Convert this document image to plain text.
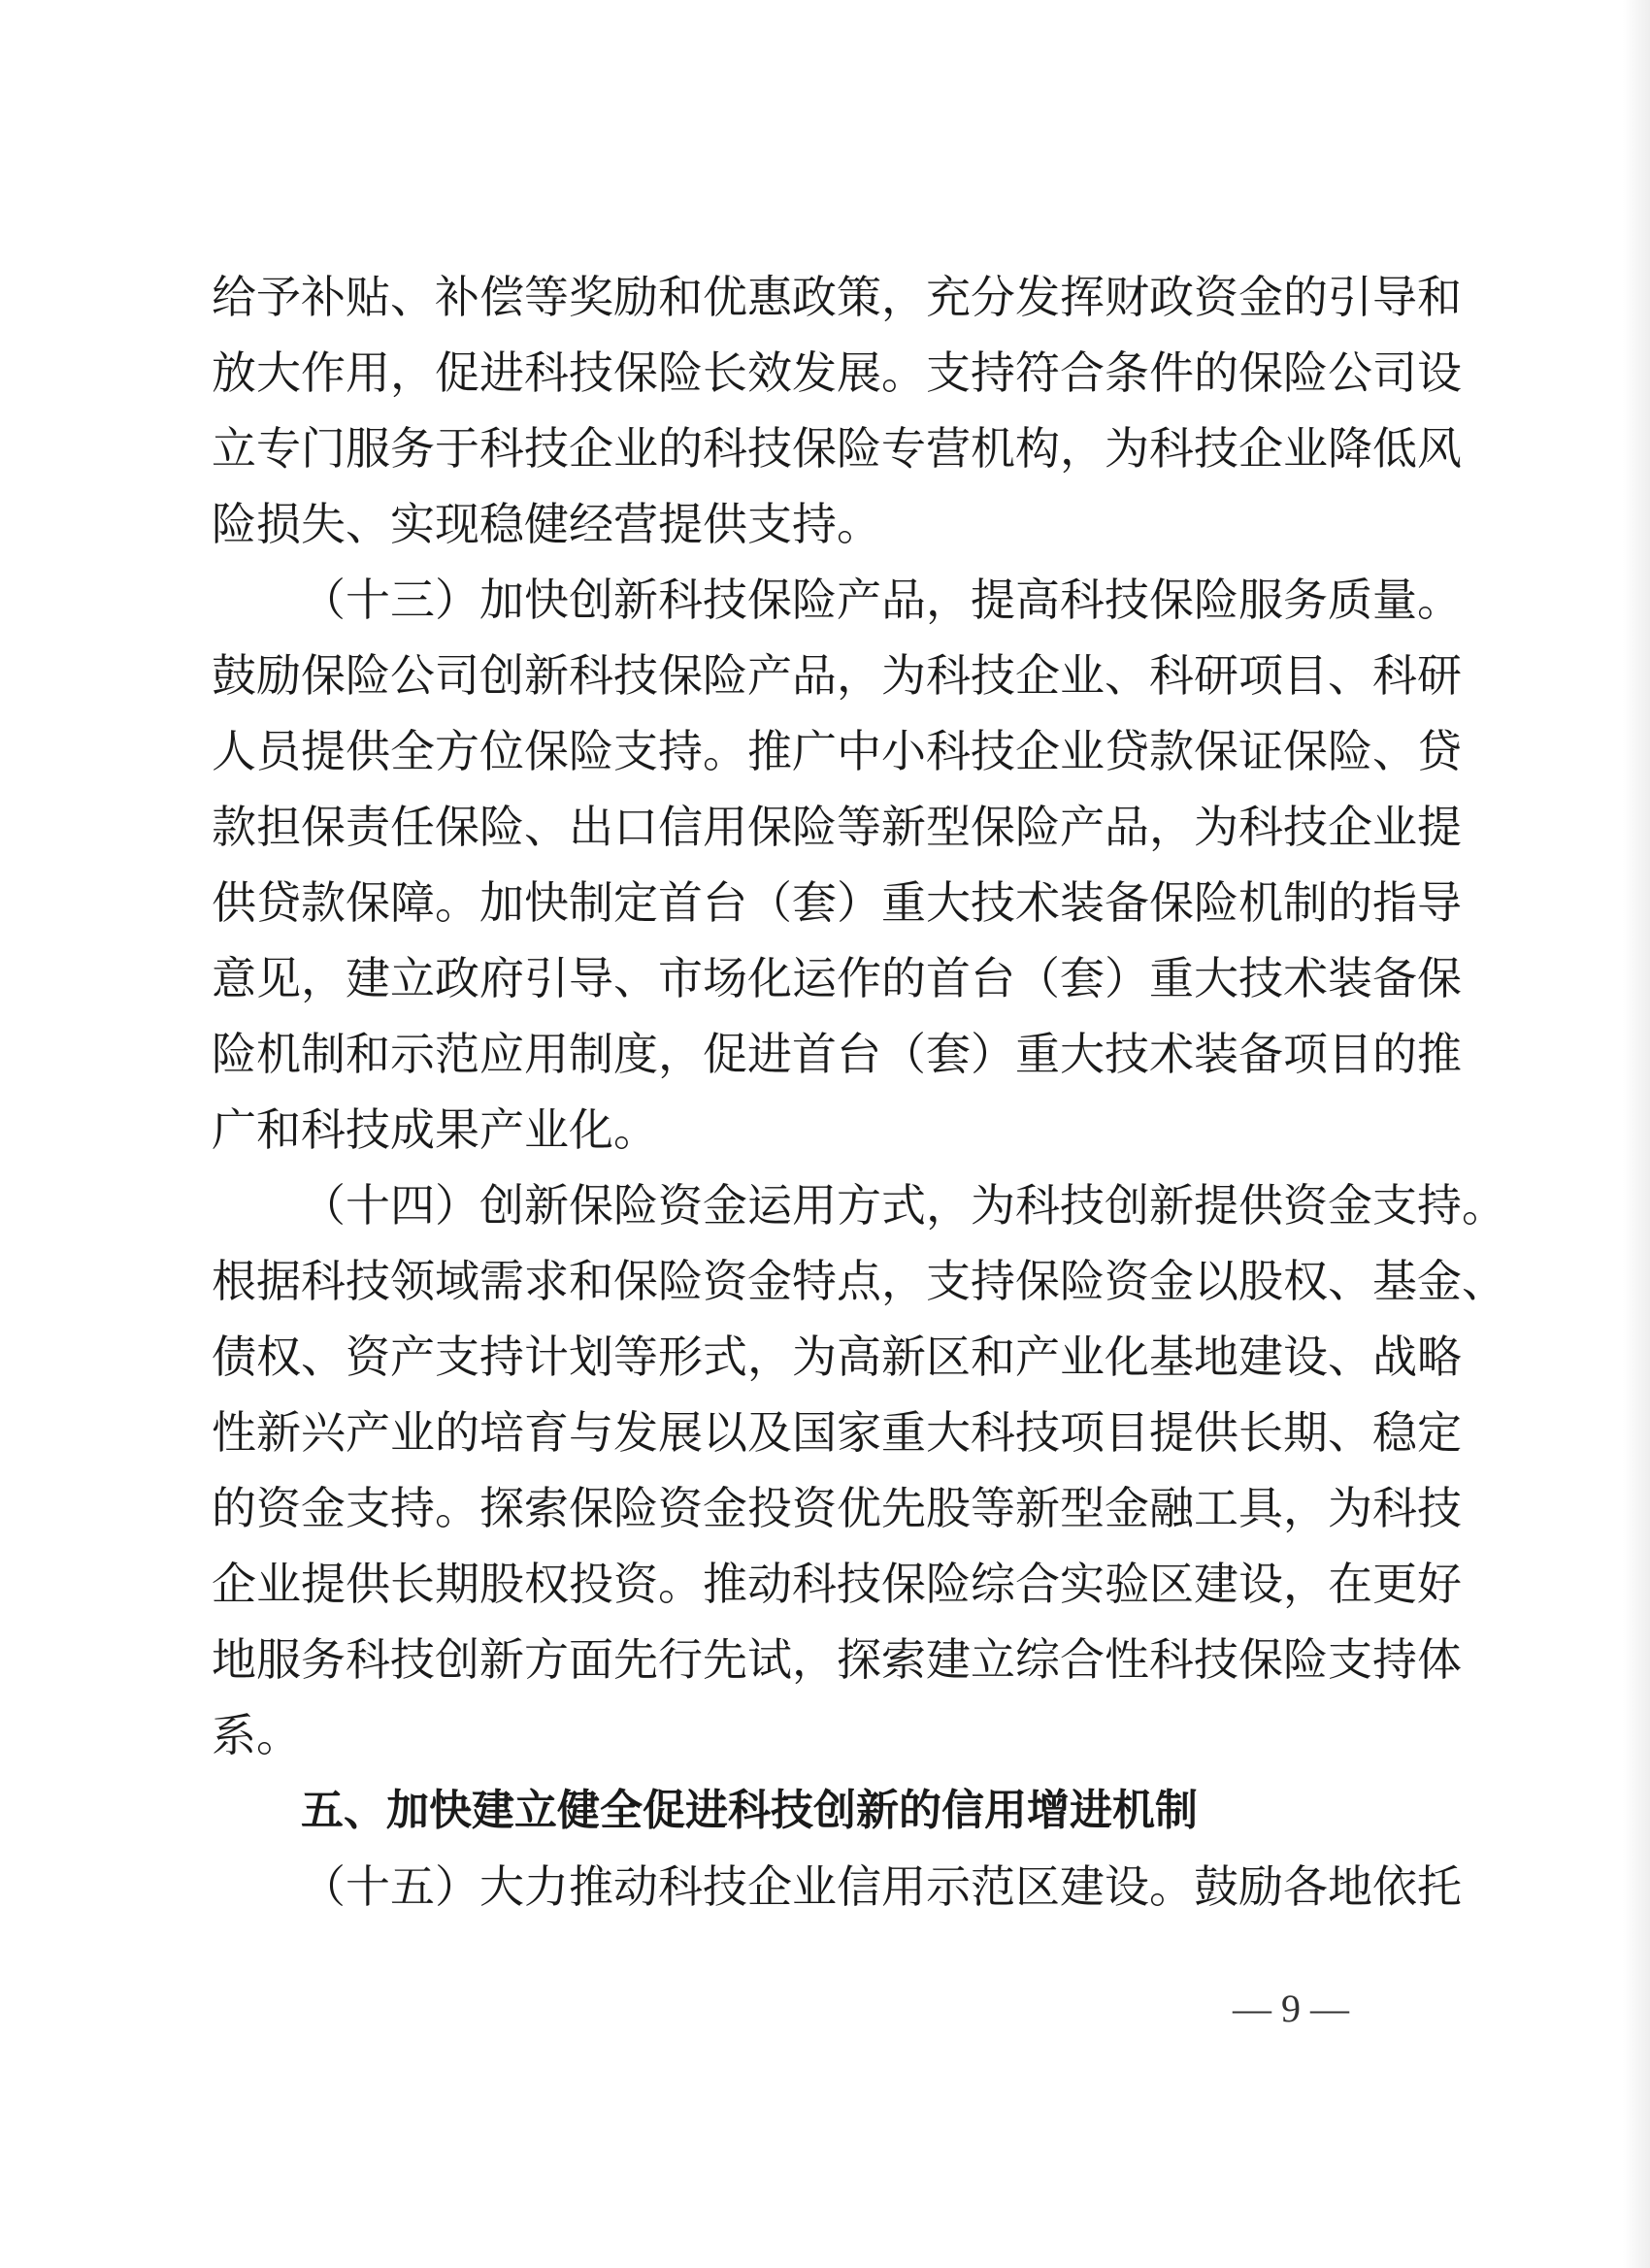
给予补贴、补偿等奖励和优惠政策，充分发挥财政资金的引导和
放大作用，促进科技保险长效发展。支持符合条件的保险公司设
立专门服务于科技企业的科技保险专营机构，为科技企业降低风
险损失、实现稳健经营提供支持。
（十三）加快创新科技保险产品，提高科技保险服务质量。
鼓励保险公司创新科技保险产品，为科技企业、科研项目、科研
人员提供全方位保险支持。推广中小科技企业贷款保证保险、贷
款担保责任保险、出口信用保险等新型保险产品，为科技企业提
供贷款保障。加快制定首台（套）重大技术装备保险机制的指导
意见，建立政府引导、市场化运作的首台（套）重大技术装备保
险机制和示范应用制度，促进首台（套）重大技术装备项目的推
广和科技成果产业化。
（十四）创新保险资金运用方式，为科技创新提供资金支持。
根据科技领域需求和保险资金特点，支持保险资金以股权、基金、
债权、资产支持计划等形式，为高新区和产业化基地建设、战略
性新兴产业的培育与发展以及国家重大科技项目提供长期、稳定
的资金支持。探索保险资金投资优先股等新型金融工具，为科技
企业提供长期股权投资。推动科技保险综合实验区建设，在更好
地服务科技创新方面先行先试，探索建立综合性科技保险支持体
系。
五、加快建立健全促进科技创新的信用增进机制
（十五）大力推动科技企业信用示范区建设。鼓励各地依托
— 9 —
